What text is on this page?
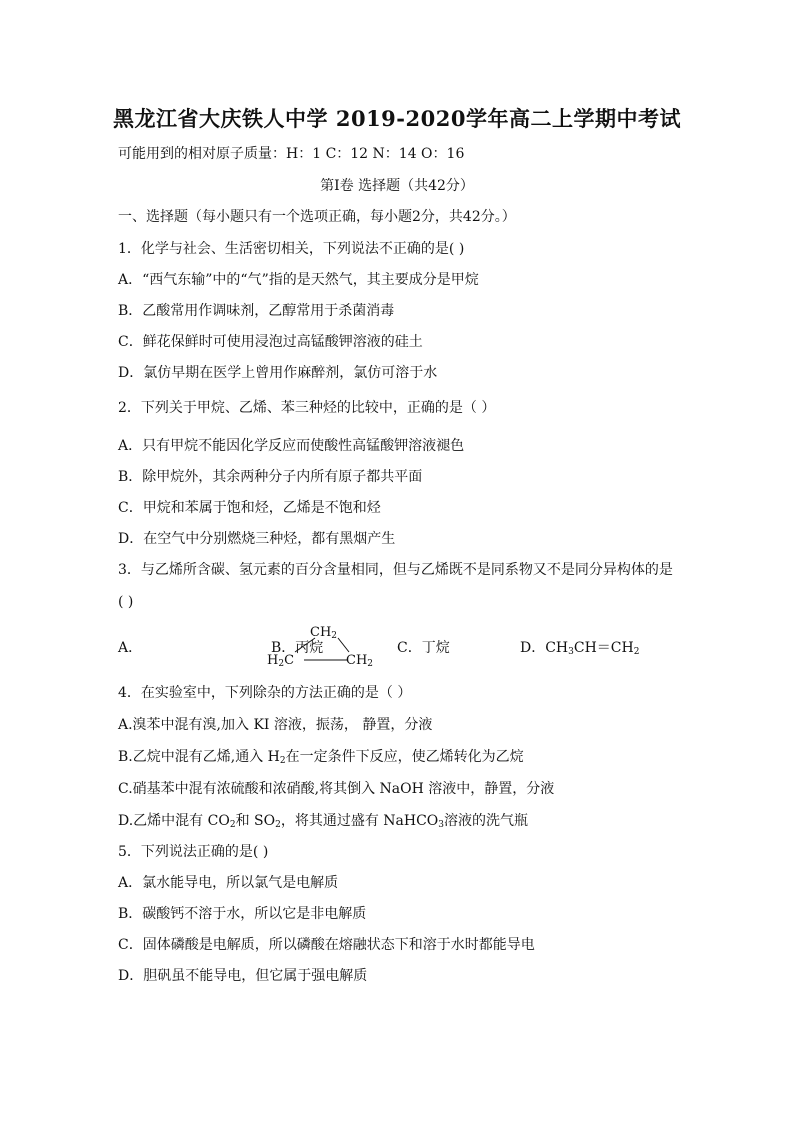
黑龙江省大庆铁人中学 2019-2020学年高二上学期中考试
可能用到的相对原子质量：H：1 C：12 N：14 O：16
第Ⅰ卷 选择题（共42分）
一、选择题（每小题只有一个选项正确，每小题2分，共42分。）
1．化学与社会、生活密切相关，下列说法不正确的是( )
A．“西气东输”中的“气”指的是天然气，其主要成分是甲烷
B．乙酸常用作调味剂，乙醇常用于杀菌消毒
C．鲜花保鲜时可使用浸泡过高锰酸钾溶液的硅土
D．氯仿早期在医学上曾用作麻醉剂，氯仿可溶于水
2．下列关于甲烷、乙烯、苯三种烃的比较中，正确的是（ ）
A．只有甲烷不能因化学反应而使酸性高锰酸钾溶液褪色
B．除甲烷外，其余两种分子内所有原子都共平面
C．甲烷和苯属于饱和烃，乙烯是不饱和烃
D．在空气中分别燃烧三种烃，都有黑烟产生
3．与乙烯所含碳、氢元素的百分含量相同，但与乙烯既不是同系物又不是同分异构体的是
( )
A．
$CH_2$
$H_2C$	$CH_2$
B．丙烷	C．丁烷	D．$CH_3CH=CH_2$
4．在实验室中，下列除杂的方法正确的是（ ）
A.溴苯中混有溴,加入 KI 溶液，振荡， 静置，分液
B.乙烷中混有乙烯,通入 $H_2$在一定条件下反应，使乙烯转化为乙烷
C.硝基苯中混有浓硫酸和浓硝酸,将其倒入 NaOH 溶液中，静置，分液
D.乙烯中混有 $CO_2$和 $SO_2$，将其通过盛有 NaHCO$_3$溶液的洗气瓶
5．下列说法正确的是( )
A．氯水能导电，所以氯气是电解质
B．碳酸钙不溶于水，所以它是非电解质
C．固体磷酸是电解质，所以磷酸在熔融状态下和溶于水时都能导电
D．胆矾虽不能导电，但它属于强电解质
